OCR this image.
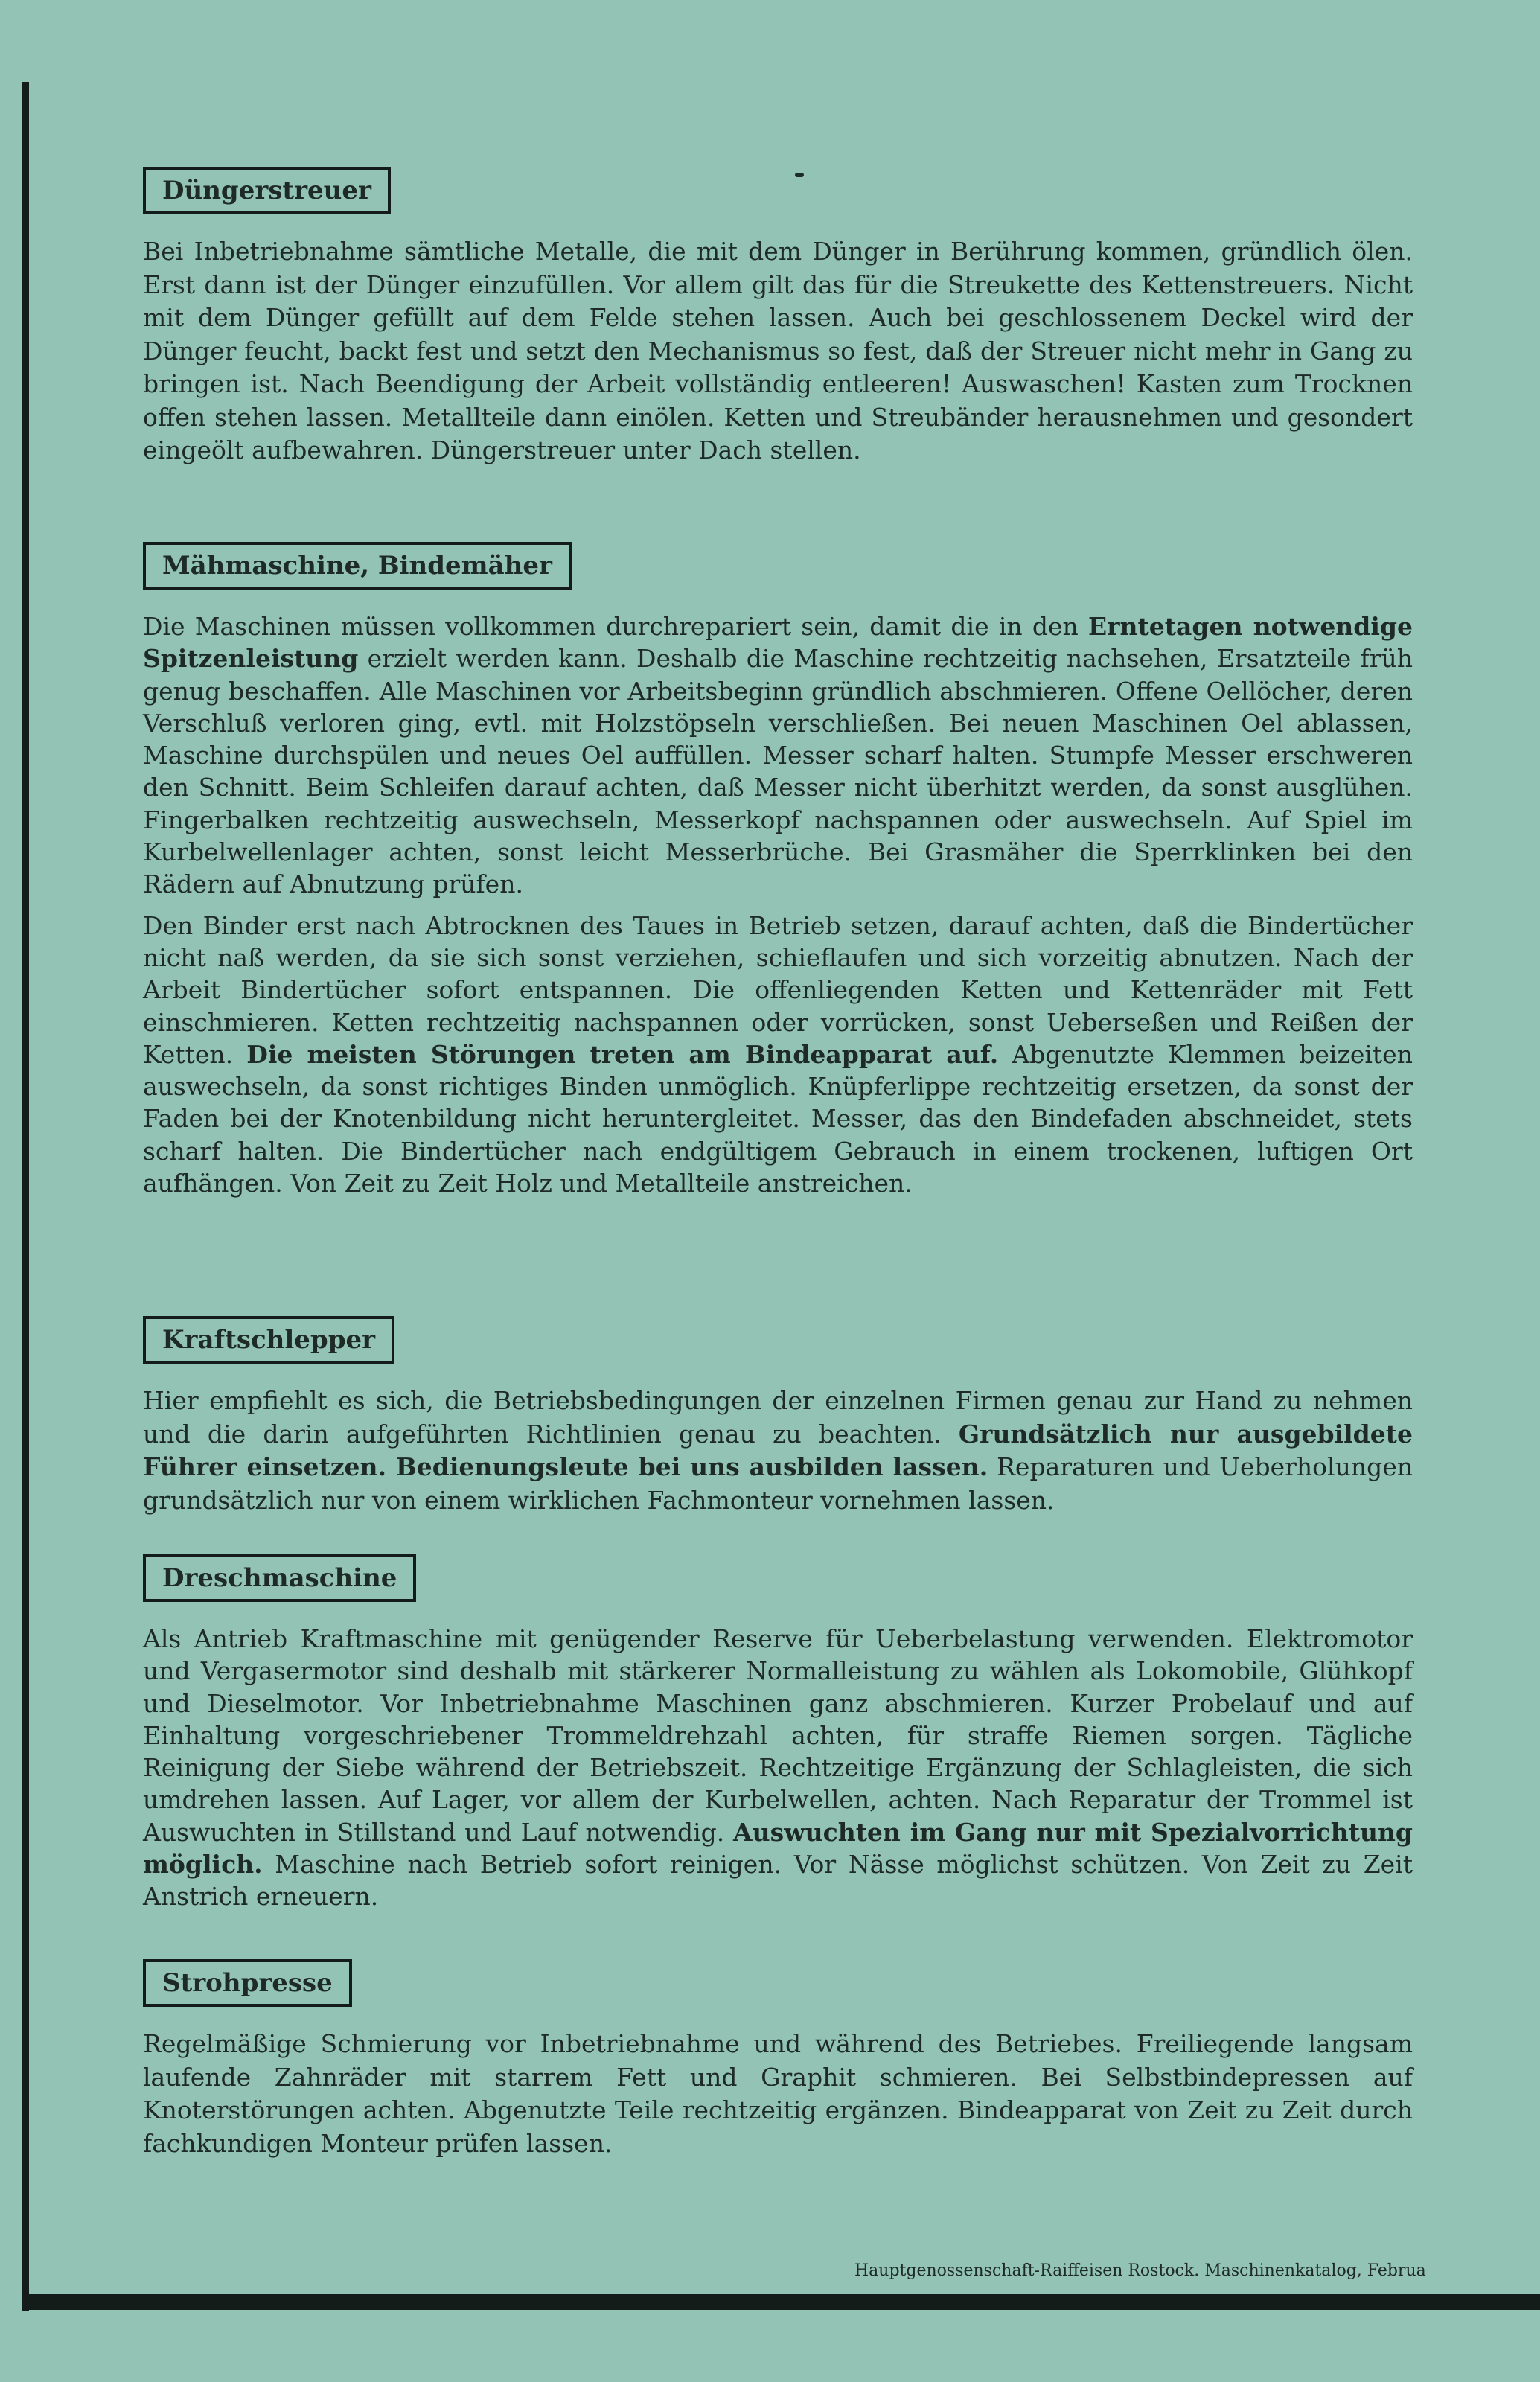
Düngerstreuer

Bei Inbetriebnahme sämtliche Metalle, die mit dem Dünger in Berührung kommen, gründlich ölen. Erst dann ist der Dünger einzufüllen. Vor allem gilt das für die Streukette des Kettenstreuers. Nicht mit dem Dünger gefüllt auf dem Felde stehen lassen. Auch bei geschlossenem Deckel wird der Dünger feucht, backt fest und setzt den Mechanismus so fest, daß der Streuer nicht mehr in Gang zu bringen ist. Nach Beendigung der Arbeit vollständig entleeren! Auswaschen! Kasten zum Trocknen offen stehen lassen. Metallteile dann einölen. Ketten und Streubänder herausnehmen und gesondert eingeölt aufbewahren. Düngerstreuer unter Dach stellen.

Mähmaschine, Bindemäher

Die Maschinen müssen vollkommen durchrepariert sein, damit die in den Erntetagen notwendige Spitzenleistung erzielt werden kann. Deshalb die Maschine rechtzeitig nachsehen, Ersatzteile früh genug beschaffen. Alle Maschinen vor Arbeitsbeginn gründlich abschmieren. Offene Oellöcher, deren Verschluß verloren ging, evtl. mit Holzstöpseln verschließen. Bei neuen Maschinen Oel ablassen, Maschine durchspülen und neues Oel auffüllen. Messer scharf halten. Stumpfe Messer erschweren den Schnitt. Beim Schleifen darauf achten, daß Messer nicht überhitzt werden, da sonst ausglühen. Fingerbalken rechtzeitig auswechseln, Messerkopf nachspannen oder auswechseln. Auf Spiel im Kurbelwellenlager achten, sonst leicht Messerbrüche. Bei Grasmäher die Sperrklinken bei den Rädern auf Abnutzung prüfen.

Den Binder erst nach Abtrocknen des Taues in Betrieb setzen, darauf achten, daß die Bindertücher nicht naß werden, da sie sich sonst verziehen, schieflaufen und sich vorzeitig abnutzen. Nach der Arbeit Bindertücher sofort entspannen. Die offenliegenden Ketten und Kettenräder mit Fett einschmieren. Ketten rechtzeitig nachspannen oder vorrücken, sonst Ueberseßen und Reißen der Ketten. Die meisten Störungen treten am Bindeapparat auf. Abgenutzte Klemmen beizeiten auswechseln, da sonst richtiges Binden unmöglich. Knüpferlippe rechtzeitig ersetzen, da sonst der Faden bei der Knotenbildung nicht heruntergleitet. Messer, das den Bindefaden abschneidet, stets scharf halten. Die Bindertücher nach endgültigem Gebrauch in einem trockenen, luftigen Ort aufhängen. Von Zeit zu Zeit Holz und Metallteile anstreichen.

Kraftschlepper

Hier empfiehlt es sich, die Betriebsbedingungen der einzelnen Firmen genau zur Hand zu nehmen und die darin aufgeführten Richtlinien genau zu beachten. Grundsätzlich nur ausgebildete Führer einsetzen. Bedienungsleute bei uns ausbilden lassen. Reparaturen und Ueberholungen grundsätzlich nur von einem wirklichen Fachmonteur vornehmen lassen.

Dreschmaschine

Als Antrieb Kraftmaschine mit genügender Reserve für Ueberbelastung verwenden. Elektromotor und Vergasermotor sind deshalb mit stärkerer Normalleistung zu wählen als Lokomobile, Glühkopf und Dieselmotor. Vor Inbetriebnahme Maschinen ganz abschmieren. Kurzer Probelauf und auf Einhaltung vorgeschriebener Trommeldrehzahl achten, für straffe Riemen sorgen. Tägliche Reinigung der Siebe während der Betriebszeit. Rechtzeitige Ergänzung der Schlagleisten, die sich umdrehen lassen. Auf Lager, vor allem der Kurbelwellen, achten. Nach Reparatur der Trommel ist Auswuchten in Stillstand und Lauf notwendig. Auswuchten im Gang nur mit Spezialvorrichtung möglich. Maschine nach Betrieb sofort reinigen. Vor Nässe möglichst schützen. Von Zeit zu Zeit Anstrich erneuern.

Strohpresse

Regelmäßige Schmierung vor Inbetriebnahme und während des Betriebes. Freiliegende langsam laufende Zahnräder mit starrem Fett und Graphit schmieren. Bei Selbstbindepressen auf Knoterstörungen achten. Abgenutzte Teile rechtzeitig ergänzen. Bindeapparat von Zeit zu Zeit durch fachkundigen Monteur prüfen lassen.

Hauptgenossenschaft-Raiffeisen Rostock. Maschinenkatalog, Februa
